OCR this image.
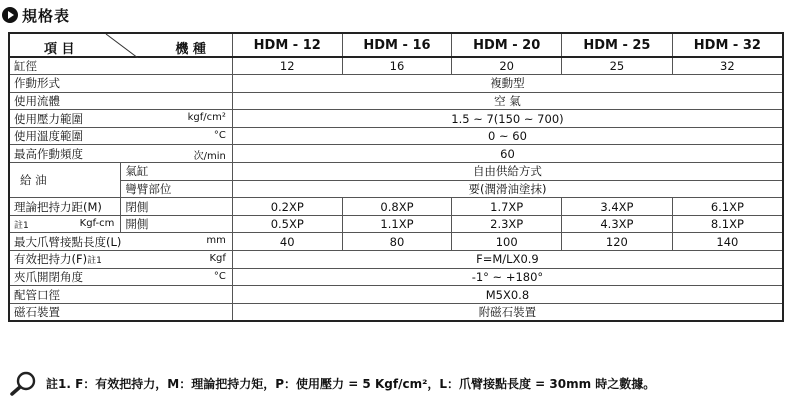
規格表
項 目 機 種		HDM - 12	HDM - 16	HDM - 20	HDM - 25	HDM - 32
缸徑		12	16	20	25	32
作動形式		複動型				
使用流體		空 氣				
使用壓力範圍 kgf/cm²		1.5 ~ 7(150 ~ 700)				
使用溫度範圍 °C		0 ~ 60				
最高作動頻度 次/min		60				
給 油	氣缸	自由供給方式				
	彎臂部位	要(潤滑油塗抹)				
理論把持力距(M)	閉側	0.2XP	0.8XP	1.7XP	3.4XP	6.1XP
註1 Kgf-cm	開側	0.5XP	1.1XP	2.3XP	4.3XP	8.1XP
最大爪臂接點長度(L) mm		40	80	100	120	140
有效把持力(F)註1 Kgf		F=M/LX0.9				
夾爪開閉角度 °C		-1° ~ +180°				
配管口徑		M5X0.8				
磁石裝置		附磁石裝置				
註1. F：有效把持力，M：理論把持力矩，P：使用壓力 = 5 Kgf/cm²，L：爪臂接點長度 = 30mm 時之數據。
